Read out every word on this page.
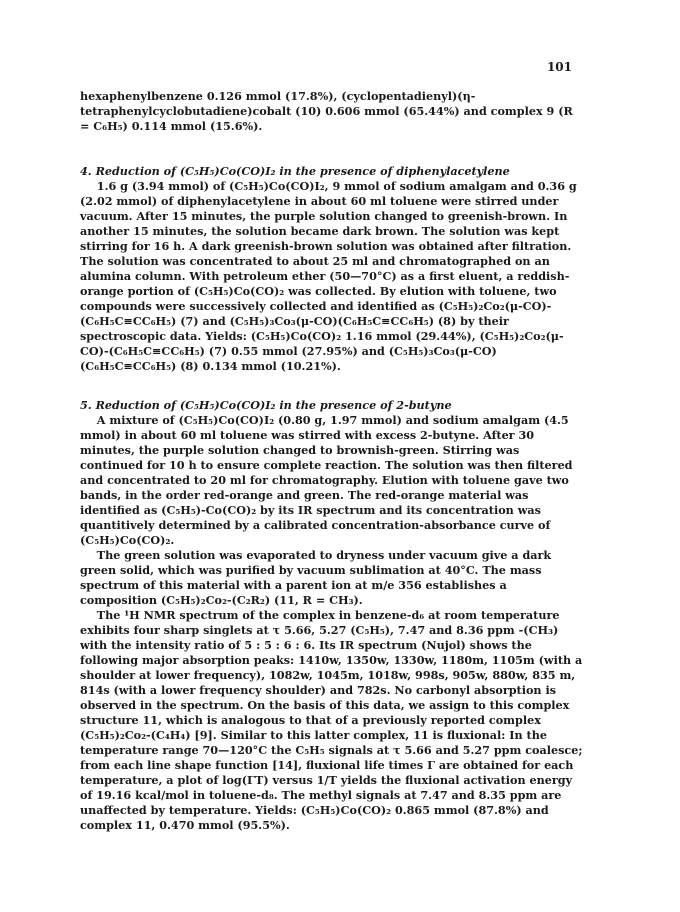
101

hexaphenylbenzene 0.126 mmol (17.8%), (cyclopentadienyl)(η-tetraphenylcyclobutadiene)cobalt (10) 0.606 mmol (65.44%) and complex 9 (R = C₆H₅) 0.114 mmol (15.6%).

4. Reduction of (C₅H₅)Co(CO)I₂ in the presence of diphenylacetylene

1.6 g (3.94 mmol) of (C₅H₅)Co(CO)I₂, 9 mmol of sodium amalgam and 0.36 g (2.02 mmol) of diphenylacetylene in about 60 ml toluene were stirred under vacuum. After 15 minutes, the purple solution changed to greenish-brown. In another 15 minutes, the solution became dark brown. The solution was kept stirring for 16 h. A dark greenish-brown solution was obtained after filtration. The solution was concentrated to about 25 ml and chromatographed on an alumina column. With petroleum ether (50—70°C) as a first eluent, a reddish-orange portion of (C₅H₅)Co(CO)₂ was collected. By elution with toluene, two compounds were successively collected and identified as (C₅H₅)₂Co₂(μ-CO)-(C₆H₅C≡CC₆H₅) (7) and (C₅H₅)₃Co₃(μ-CO)(C₆H₅C≡CC₆H₅) (8) by their spectroscopic data. Yields: (C₅H₅)Co(CO)₂ 1.16 mmol (29.44%), (C₅H₅)₂Co₂(μ-CO)-(C₆H₅C≡CC₆H₅) (7) 0.55 mmol (27.95%) and (C₅H₅)₃Co₃(μ-CO)(C₆H₅C≡CC₆H₅) (8) 0.134 mmol (10.21%).

5. Reduction of (C₅H₅)Co(CO)I₂ in the presence of 2-butyne

A mixture of (C₅H₅)Co(CO)I₂ (0.80 g, 1.97 mmol) and sodium amalgam (4.5 mmol) in about 60 ml toluene was stirred with excess 2-butyne. After 30 minutes, the purple solution changed to brownish-green. Stirring was continued for 10 h to ensure complete reaction. The solution was then filtered and concentrated to 20 ml for chromatography. Elution with toluene gave two bands, in the order red-orange and green. The red-orange material was identified as (C₅H₅)-Co(CO)₂ by its IR spectrum and its concentration was quantitively determined by a calibrated concentration-absorbance curve of (C₅H₅)Co(CO)₂.

The green solution was evaporated to dryness under vacuum give a dark green solid, which was purified by vacuum sublimation at 40°C. The mass spectrum of this material with a parent ion at m/e 356 establishes a composition (C₅H₅)₂Co₂-(C₂R₂) (11, R = CH₃).

The ¹H NMR spectrum of the complex in benzene-d₆ at room temperature exhibits four sharp singlets at τ 5.66, 5.27 (C₅H₅), 7.47 and 8.36 ppm -(CH₃) with the intensity ratio of 5 : 5 : 6 : 6. Its IR spectrum (Nujol) shows the following major absorption peaks: 1410w, 1350w, 1330w, 1180m, 1105m (with a shoulder at lower frequency), 1082w, 1045m, 1018w, 998s, 905w, 880w, 835 m, 814s (with a lower frequency shoulder) and 782s. No carbonyl absorption is observed in the spectrum. On the basis of this data, we assign to this complex structure 11, which is analogous to that of a previously reported complex (C₅H₅)₂Co₂-(C₄H₄) [9]. Similar to this latter complex, 11 is fluxional: In the temperature range 70—120°C the C₅H₅ signals at τ 5.66 and 5.27 ppm coalesce; from each line shape function [14], fluxional life times Γ are obtained for each temperature, a plot of log(ΓT) versus 1/T yields the fluxional activation energy of 19.16 kcal/mol in toluene-d₈. The methyl signals at 7.47 and 8.35 ppm are unaffected by temperature. Yields: (C₅H₅)Co(CO)₂ 0.865 mmol (87.8%) and complex 11, 0.470 mmol (95.5%).
